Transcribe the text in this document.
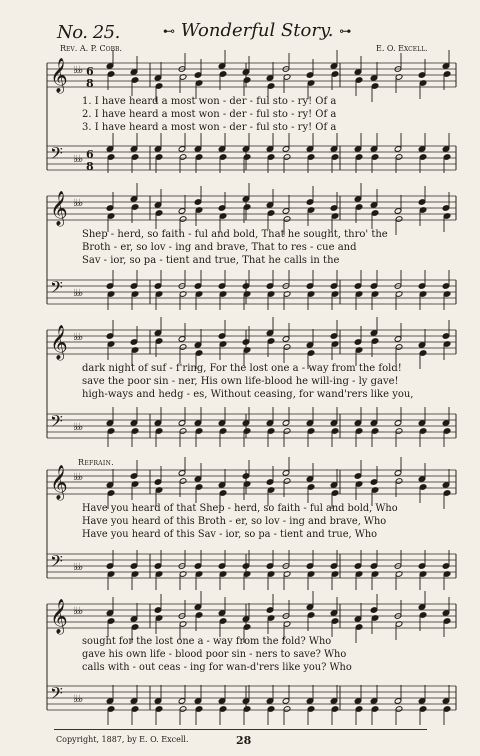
No. 25.	⊷ Wonderful Story. ⊶
Rev. A. P. Cobb.	E. O. Excell.
𝄞
𝄢
♭♭♭
♭♭♭
6
8
6
8
𝄞
𝄢
♭♭♭
♭♭♭
𝄞
𝄢
♭♭♭
♭♭♭
𝄞
𝄢
♭♭♭
♭♭♭
𝄞
𝄢
♭♭♭
♭♭♭
Refrain.
1. I have heard a most won - der - ful sto - ry! Of a
2. I have heard a most won - der - ful sto - ry! Of a
3. I have heard a most won - der - ful sto - ry! Of a
Shep - herd, so faith - ful and bold, That he sought, thro' the
Broth - er, so lov - ing and brave, That to res - cue and
Sav - ior, so pa - tient and true, That he calls in the
dark night of suf - f'ring, For the lost one a - way from the fold!
save the poor sin - ner, His own life-blood he will-ing - ly gave!
high-ways and hedg - es, Without ceasing, for wand'rers like you,
Have you heard of that Shep - herd, so faith - ful and bold, Who
Have you heard of this Broth - er, so lov - ing and brave, Who
Have you heard of this Sav - ior, so pa - tient and true, Who
sought for the lost one a - way from the fold? Who
gave his own life - blood poor sin - ners to save? Who
calls with - out ceas - ing for wan-d'rers like you? Who
Copyright, 1887, by E. O. Excell.	28
